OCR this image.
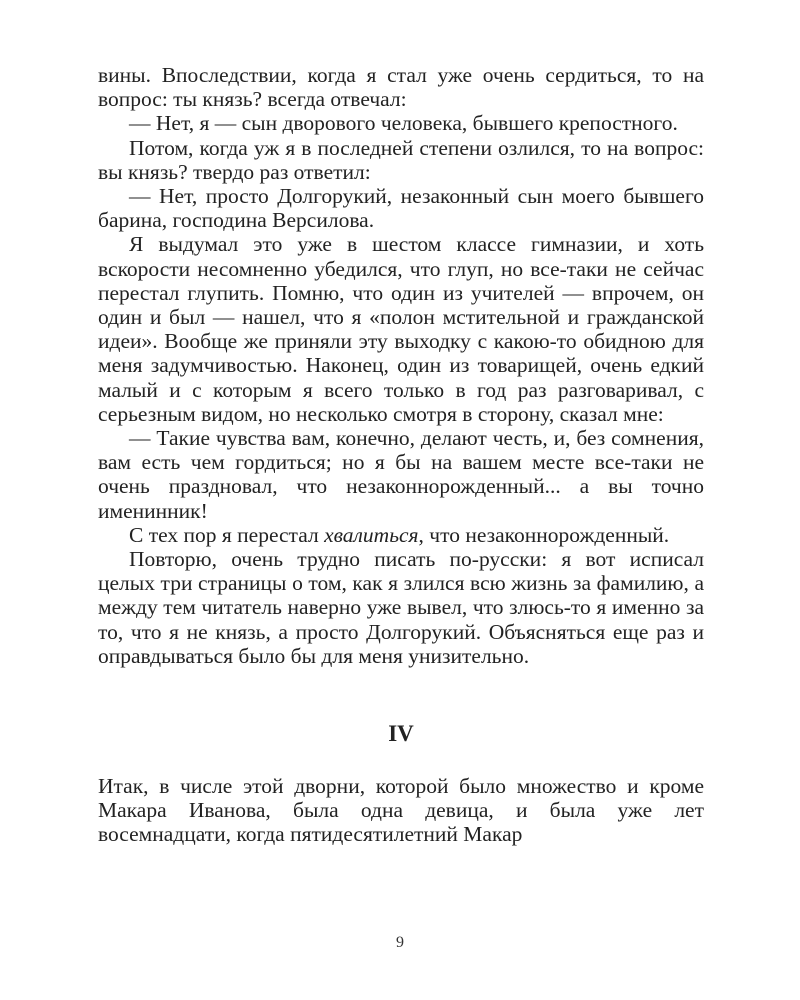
вины. Впоследствии, когда я стал уже очень сердиться, то на вопрос: ты князь? всегда отвечал:

— Нет, я — сын дворового человека, бывшего крепостного.

Потом, когда уж я в последней степени озлился, то на вопрос: вы князь? твердо раз ответил:

— Нет, просто Долгорукий, незаконный сын моего бывшего барина, господина Версилова.

Я выдумал это уже в шестом классе гимназии, и хоть вскорости несомненно убедился, что глуп, но все-таки не сейчас перестал глупить. Помню, что один из учителей — впрочем, он один и был — нашел, что я «полон мстительной и гражданской идеи». Вообще же приняли эту выходку с какою-то обидною для меня задумчивостью. Наконец, один из товарищей, очень едкий малый и с которым я всего только в год раз разговаривал, с серьезным видом, но несколько смотря в сторону, сказал мне:

— Такие чувства вам, конечно, делают честь, и, без сомнения, вам есть чем гордиться; но я бы на вашем месте все-таки не очень праздновал, что незаконнорожденный... а вы точно именинник!

С тех пор я перестал хвалиться, что незаконнорожденный.

Повторю, очень трудно писать по-русски: я вот исписал целых три страницы о том, как я злился всю жизнь за фамилию, а между тем читатель наверно уже вывел, что злюсь-то я именно за то, что я не князь, а просто Долгорукий. Объясняться еще раз и оправдываться было бы для меня унизительно.

IV

Итак, в числе этой дворни, которой было множество и кроме Макара Иванова, была одна девица, и была уже лет восемнадцати, когда пятидесятилетний Макар

9
